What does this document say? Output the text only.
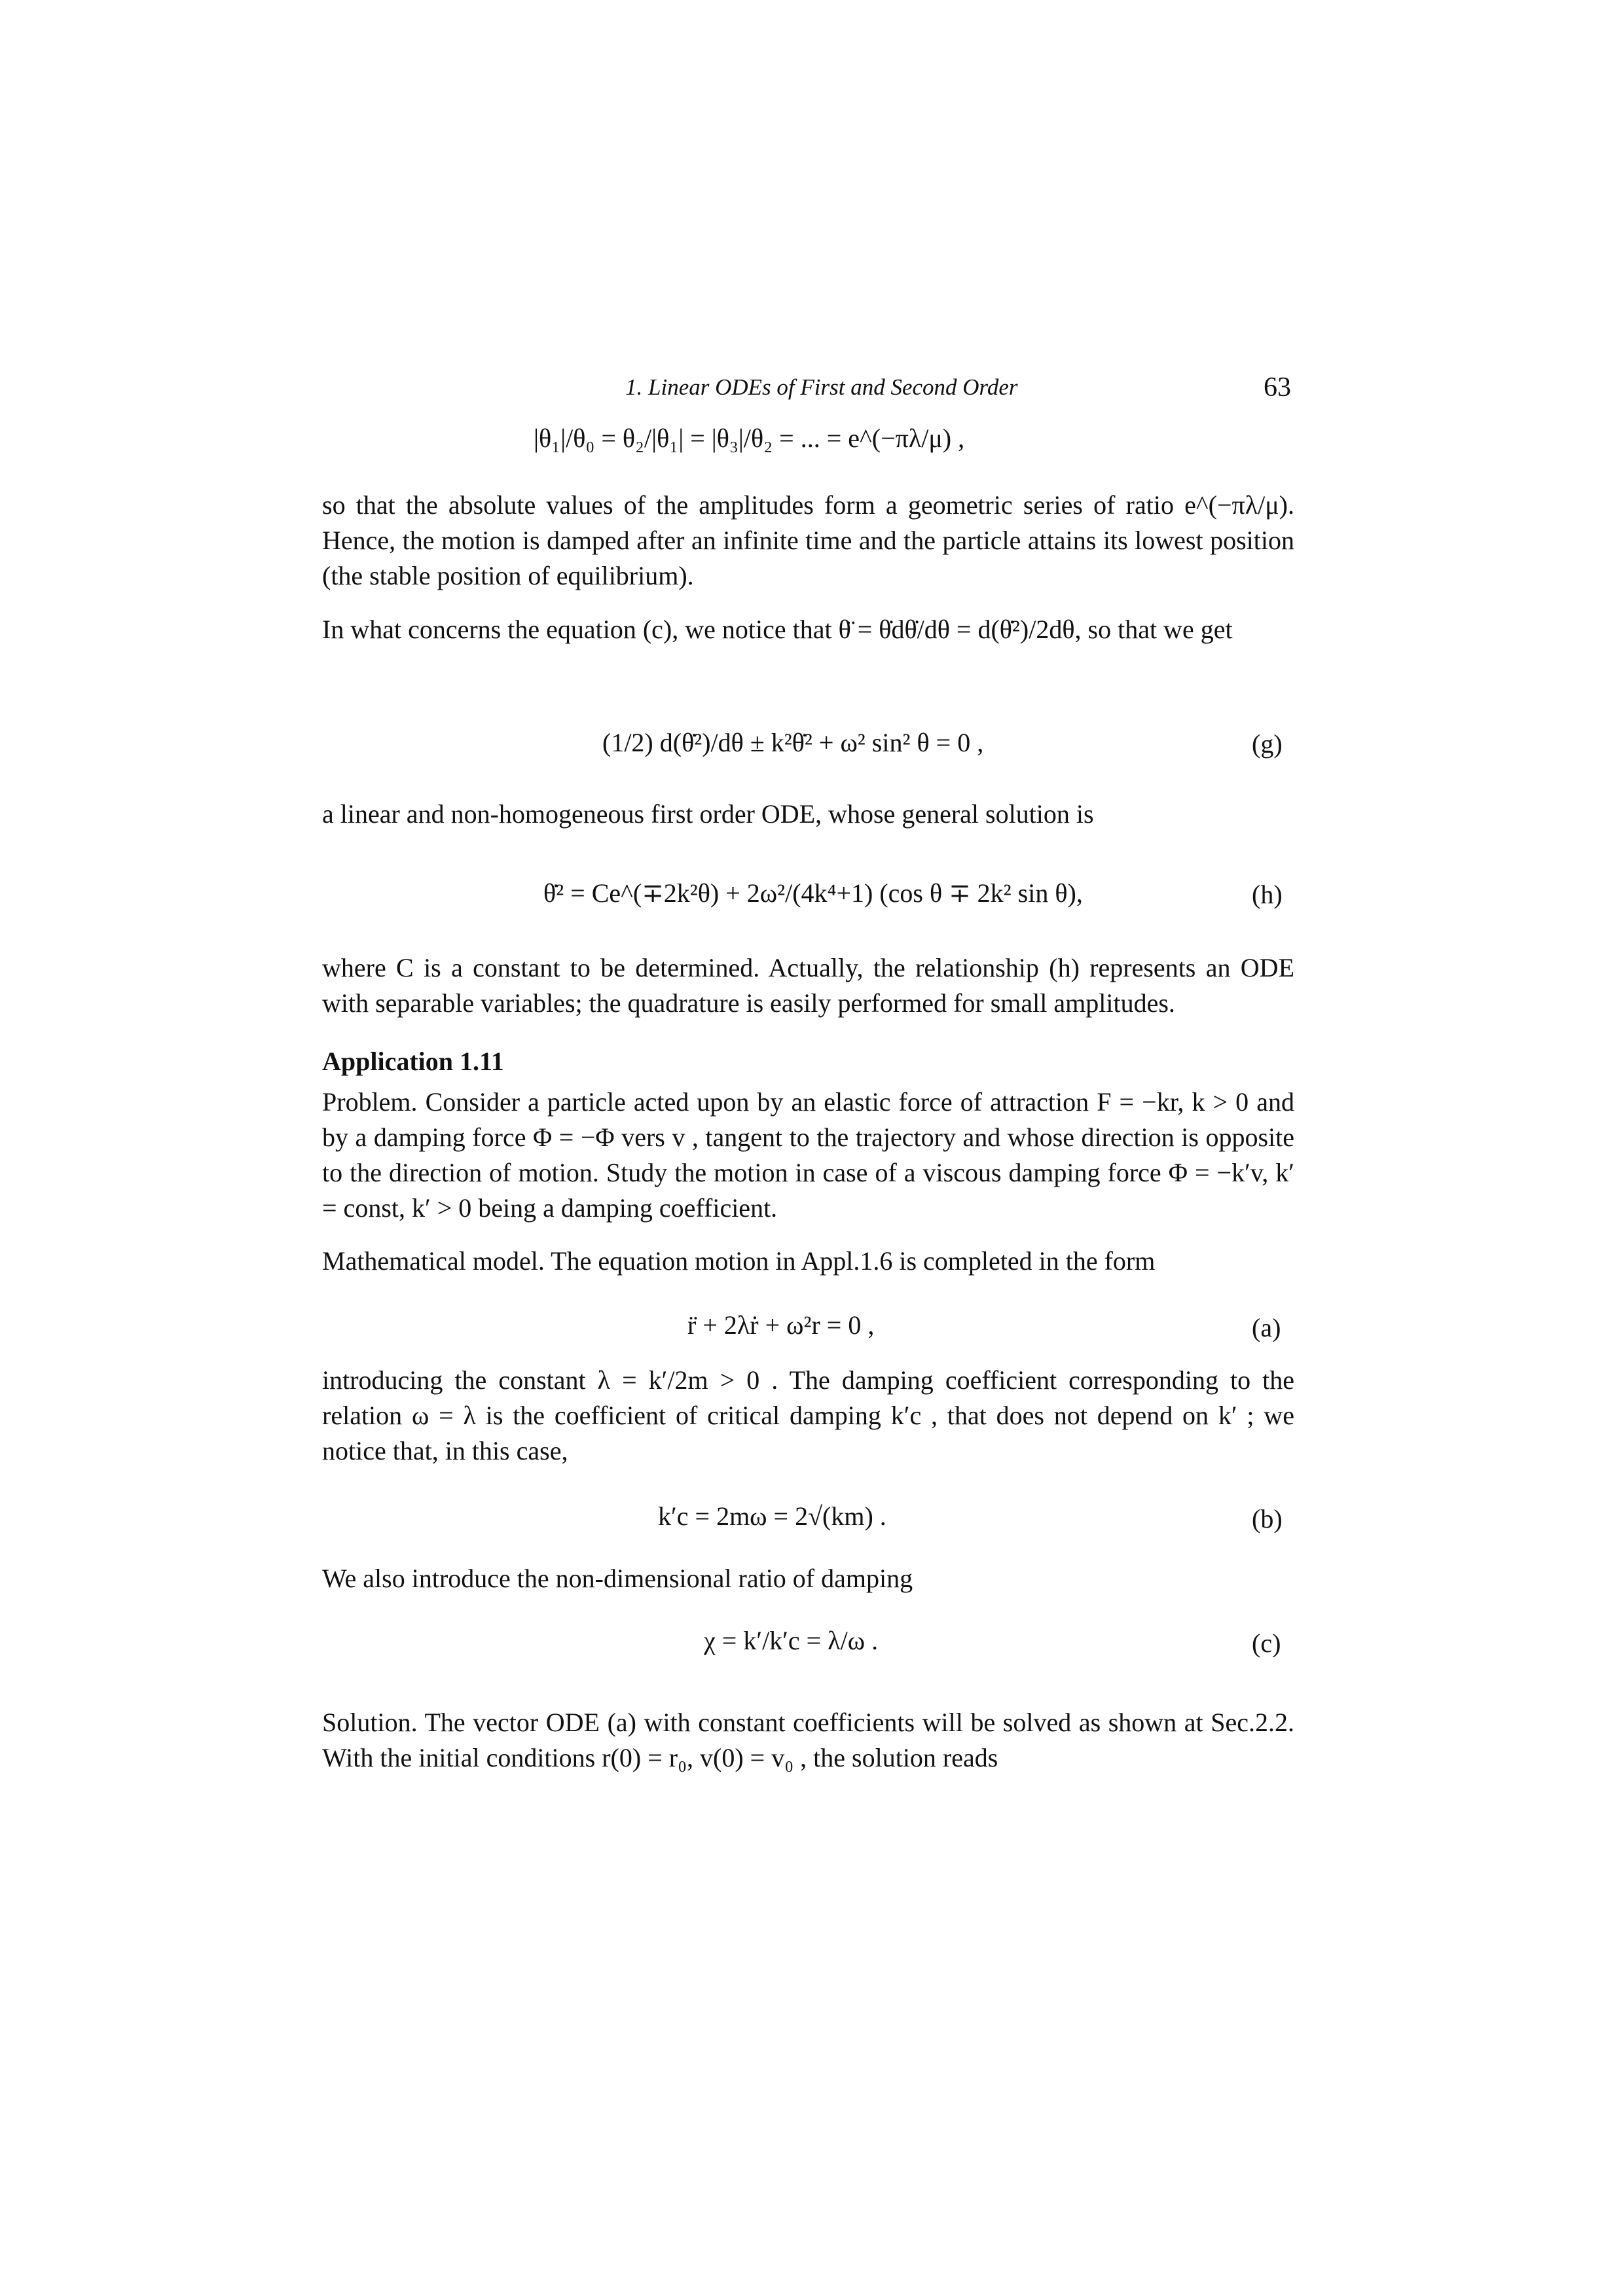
1. Linear ODEs of First and Second Order	63
|θ₁|/θ₀ = θ₂/|θ₁| = |θ₃|/θ₂ = ... = e^(−πλ/μ) ,

so that the absolute values of the amplitudes form a geometric series of ratio e^(−πλ/μ). Hence, the motion is damped after an infinite time and the particle attains its lowest position (the stable position of equilibrium).

In what concerns the equation (c), we notice that θ̈ = θ̇dθ̇/dθ = d(θ̇²)/2dθ, so that we get

(1/2) d(θ̇²)/dθ ± k²θ̇² + ω² sin² θ = 0 ,	(g)

a linear and non-homogeneous first order ODE, whose general solution is

θ̇² = Ce^(∓2k²θ) + 2ω²/(4k⁴+1) (cos θ ∓ 2k² sin θ),	(h)

where C is a constant to be determined. Actually, the relationship (h) represents an ODE with separable variables; the quadrature is easily performed for small amplitudes.

Application 1.11

Problem. Consider a particle acted upon by an elastic force of attraction F = −kr, k > 0 and by a damping force Φ = −Φ vers v , tangent to the trajectory and whose direction is opposite to the direction of motion. Study the motion in case of a viscous damping force Φ = −k′v, k′ = const, k′ > 0 being a damping coefficient.

Mathematical model. The equation motion in Appl.1.6 is completed in the form

r̈ + 2λṙ + ω²r = 0 ,	(a)

introducing the constant λ = k′/2m > 0 . The damping coefficient corresponding to the relation ω = λ is the coefficient of critical damping k′c , that does not depend on k′ ; we notice that, in this case,

k′c = 2mω = 2√(km) .	(b)

We also introduce the non-dimensional ratio of damping

χ = k′/k′c = λ/ω .	(c)

Solution. The vector ODE (a) with constant coefficients will be solved as shown at Sec.2.2. With the initial conditions r(0) = r₀, v(0) = v₀ , the solution reads
